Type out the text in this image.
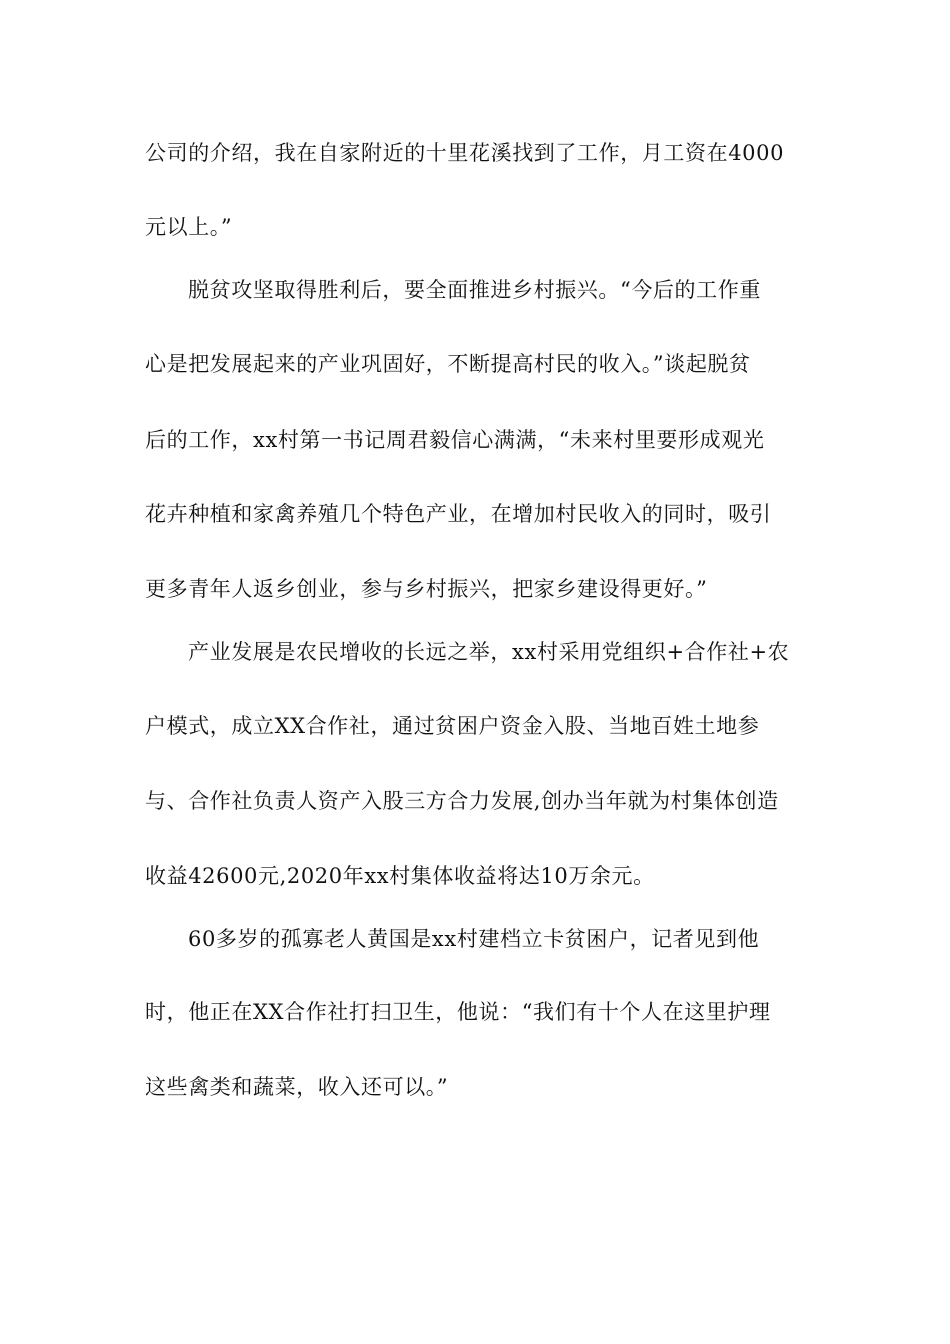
公司的介绍，我在自家附近的十里花溪找到了工作，月工资在4000
元以上。”
脱贫攻坚取得胜利后，要全面推进乡村振兴。“今后的工作重
心是把发展起来的产业巩固好，不断提高村民的收入。”谈起脱贫
后的工作，xx村第一书记周君毅信心满满，“未来村里要形成观光
花卉种植和家禽养殖几个特色产业，在增加村民收入的同时，吸引
更多青年人返乡创业，参与乡村振兴，把家乡建设得更好。”
产业发展是农民增收的长远之举，xx村采用党组织+合作社+农
户模式，成立XX合作社，通过贫困户资金入股、当地百姓土地参
与、合作社负责人资产入股三方合力发展,创办当年就为村集体创造
收益42600元,2020年xx村集体收益将达10万余元。
60多岁的孤寡老人黄国是xx村建档立卡贫困户，记者见到他
时，他正在XX合作社打扫卫生，他说：“我们有十个人在这里护理
这些禽类和蔬菜，收入还可以。”
